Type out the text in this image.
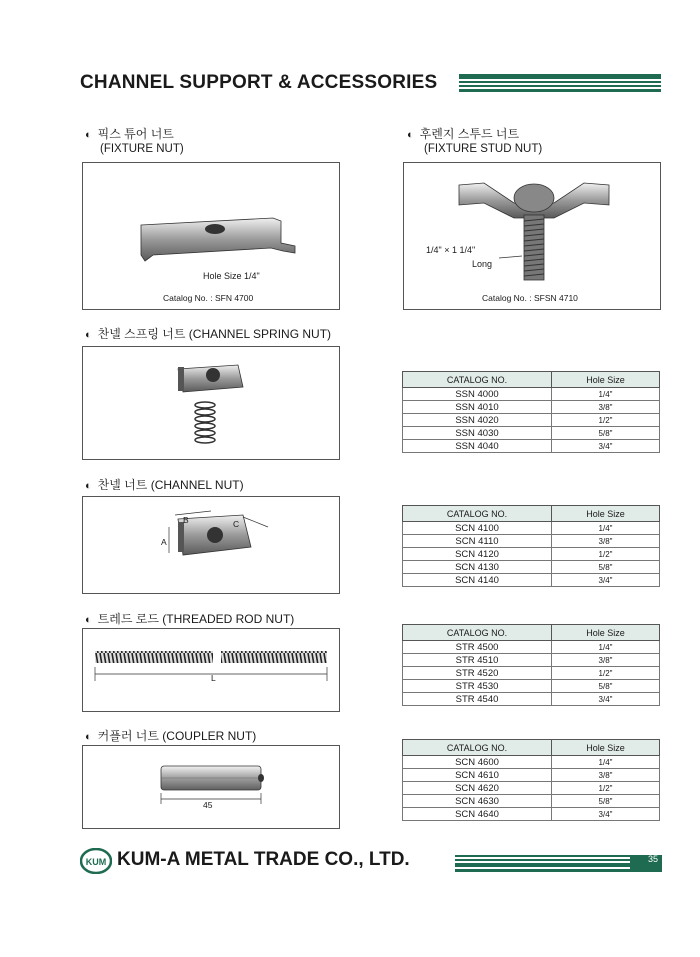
CHANNEL SUPPORT & ACCESSORIES
◐ 픽스 튜어 너트
(FIXTURE NUT)
Hole Size 1/4"
Catalog No. : SFN 4700
◐ 후렌지 스투드 너트
(FIXTURE STUD NUT)
1/4" × 1 1/4"
Long
Catalog No. : SFSN 4710
◐ 찬넬 스프링 너트 (CHANNEL SPRING NUT)
CATALOG NO.	Hole Size
SSN 4000	1/4"
SSN 4010	3/8"
SSN 4020	1/2"
SSN 4030	5/8"
SSN 4040	3/4"
◐ 찬넬 너트 (CHANNEL NUT)
A
B	C
CATALOG NO.	Hole Size
SCN 4100	1/4"
SCN 4110	3/8"
SCN 4120	1/2"
SCN 4130	5/8"
SCN 4140	3/4"
◐ 트레드 로드 (THREADED ROD NUT)
L
CATALOG NO.	Hole Size
STR 4500	1/4"
STR 4510	3/8"
STR 4520	1/2"
STR 4530	5/8"
STR 4540	3/4"
◐ 커플러 너트 (COUPLER NUT)
45
CATALOG NO.	Hole Size
SCN 4600	1/4"
SCN 4610	3/8"
SCN 4620	1/2"
SCN 4630	5/8"
SCN 4640	3/4"
KUM KUM-A METAL TRADE CO., LTD.	35
